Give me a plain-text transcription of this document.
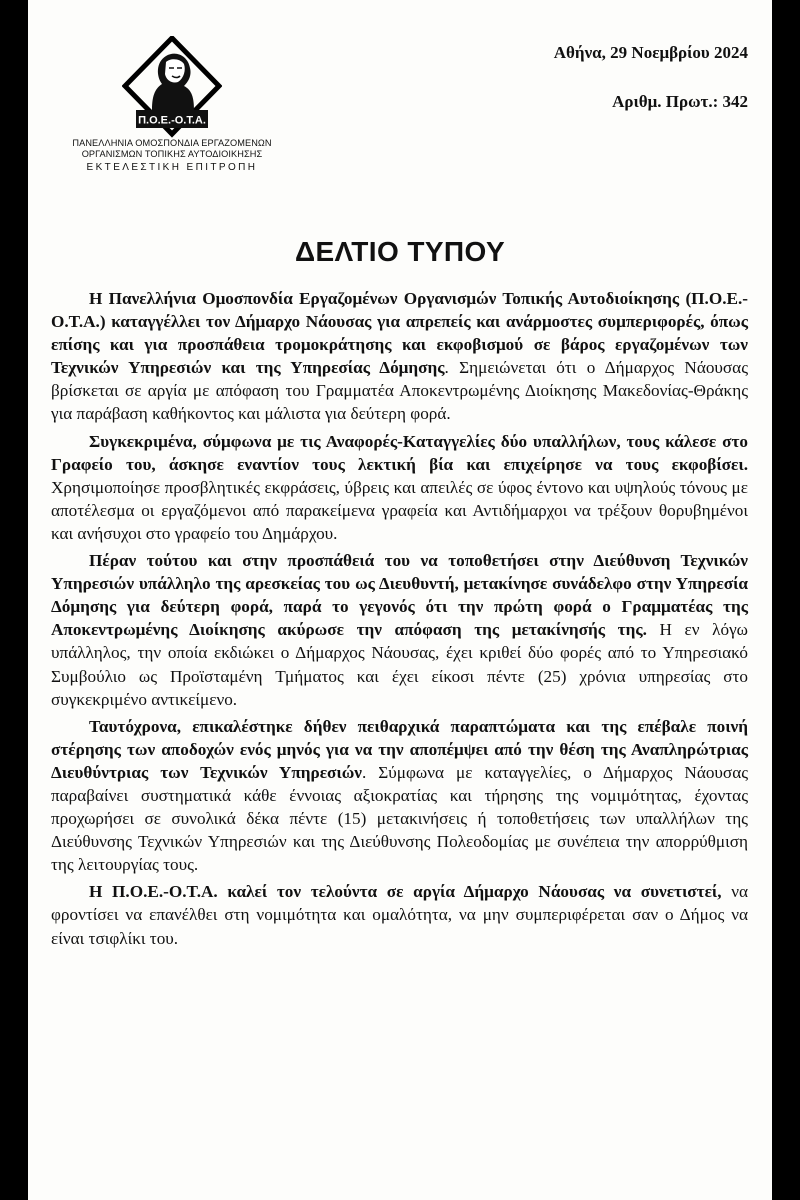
Π.Ο.Ε.-Ο.Τ.Α.
ΠΑΝΕΛΛΗΝΙΑ ΟΜΟΣΠΟΝΔΙΑ ΕΡΓΑΖΟΜΕΝΩΝ
ΟΡΓΑΝΙΣΜΩΝ ΤΟΠΙΚΗΣ ΑΥΤΟΔΙΟΙΚΗΣΗΣ
ΕΚΤΕΛΕΣΤΙΚΗ ΕΠΙΤΡΟΠΗ
Αθήνα, 29 Νοεμβρίου 2024
Αριθμ. Πρωτ.: 342
ΔΕΛΤΙΟ ΤΥΠΟΥ

Η Πανελλήνια Ομοσπονδία Εργαζομένων Οργανισμών Τοπικής Αυτοδιοίκησης (Π.Ο.Ε.-Ο.Τ.Α.) καταγγέλλει τον Δήμαρχο Νάουσας για απρεπείς και ανάρμοστες συμπεριφορές, όπως επίσης και για προσπάθεια τρομοκράτησης και εκφοβισμού σε βάρος εργαζομένων των Τεχνικών Υπηρεσιών και της Υπηρεσίας Δόμησης. Σημειώνεται ότι ο Δήμαρχος Νάουσας βρίσκεται σε αργία με απόφαση του Γραμματέα Αποκεντρωμένης Διοίκησης Μακεδονίας-Θράκης για παράβαση καθήκοντος και μάλιστα για δεύτερη φορά.

Συγκεκριμένα, σύμφωνα με τις Αναφορές-Καταγγελίες δύο υπαλλήλων, τους κάλεσε στο Γραφείο του, άσκησε εναντίον τους λεκτική βία και επιχείρησε να τους εκφοβίσει. Χρησιμοποίησε προσβλητικές εκφράσεις, ύβρεις και απειλές σε ύφος έντονο και υψηλούς τόνους με αποτέλεσμα οι εργαζόμενοι από παρακείμενα γραφεία και Αντιδήμαρχοι να τρέξουν θορυβημένοι και ανήσυχοι στο γραφείο του Δημάρχου.

Πέραν τούτου και στην προσπάθειά του να τοποθετήσει στην Διεύθυνση Τεχνικών Υπηρεσιών υπάλληλο της αρεσκείας του ως Διευθυντή, μετακίνησε συνάδελφο στην Υπηρεσία Δόμησης για δεύτερη φορά, παρά το γεγονός ότι την πρώτη φορά ο Γραμματέας της Αποκεντρωμένης Διοίκησης ακύρωσε την απόφαση της μετακίνησής της. Η εν λόγω υπάλληλος, την οποία εκδιώκει ο Δήμαρχος Νάουσας, έχει κριθεί δύο φορές από το Υπηρεσιακό Συμβούλιο ως Προϊσταμένη Τμήματος και έχει είκοσι πέντε (25) χρόνια υπηρεσίας στο συγκεκριμένο αντικείμενο.

Ταυτόχρονα, επικαλέστηκε δήθεν πειθαρχικά παραπτώματα και της επέβαλε ποινή στέρησης των αποδοχών ενός μηνός για να την αποπέμψει από την θέση της Αναπληρώτριας Διευθύντριας των Τεχνικών Υπηρεσιών. Σύμφωνα με καταγγελίες, ο Δήμαρχος Νάουσας παραβαίνει συστηματικά κάθε έννοιας αξιοκρατίας και τήρησης της νομιμότητας, έχοντας προχωρήσει σε συνολικά δέκα πέντε (15) μετακινήσεις ή τοποθετήσεις των υπαλλήλων της Διεύθυνσης Τεχνικών Υπηρεσιών και της Διεύθυνσης Πολεοδομίας με συνέπεια την απορρύθμιση της λειτουργίας τους.

Η Π.Ο.Ε.-Ο.Τ.Α. καλεί τον τελούντα σε αργία Δήμαρχο Νάουσας να συνετιστεί, να φροντίσει να επανέλθει στη νομιμότητα και ομαλότητα, να μην συμπεριφέρεται σαν ο Δήμος να είναι τσιφλίκι του.
